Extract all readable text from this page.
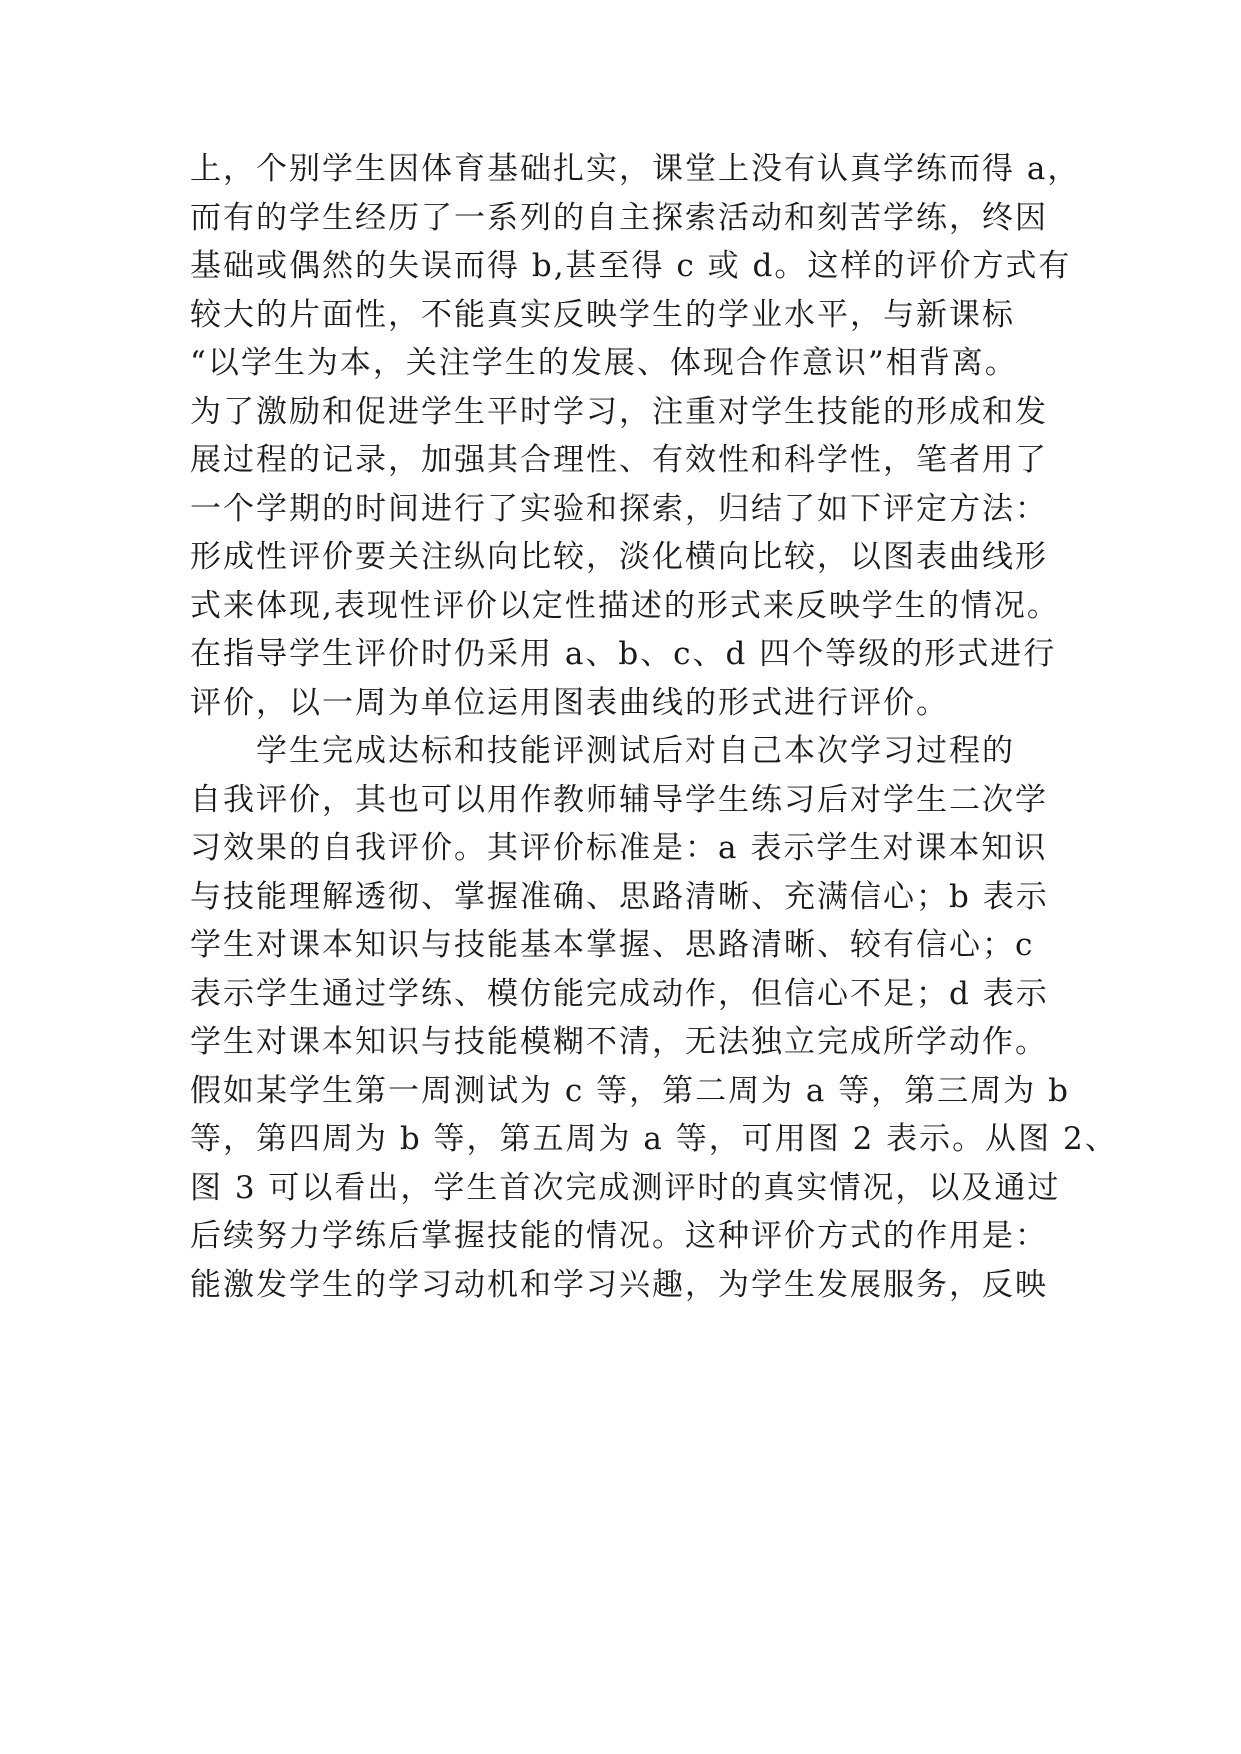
上，个别学生因体育基础扎实，课堂上没有认真学练而得 a，
而有的学生经历了一系列的自主探索活动和刻苦学练，终因
基础或偶然的失误而得 b,甚至得 c 或 d。这样的评价方式有
较大的片面性，不能真实反映学生的学业水平，与新课标
“以学生为本，关注学生的发展、体现合作意识”相背离。
为了激励和促进学生平时学习，注重对学生技能的形成和发
展过程的记录，加强其合理性、有效性和科学性，笔者用了
一个学期的时间进行了实验和探索，归结了如下评定方法：
形成性评价要关注纵向比较，淡化横向比较，以图表曲线形
式来体现,表现性评价以定性描述的形式来反映学生的情况。
在指导学生评价时仍采用 a、b、c、d 四个等级的形式进行
评价，以一周为单位运用图表曲线的形式进行评价。
学生完成达标和技能评测试后对自己本次学习过程的
自我评价，其也可以用作教师辅导学生练习后对学生二次学
习效果的自我评价。其评价标准是：a 表示学生对课本知识
与技能理解透彻、掌握准确、思路清晰、充满信心；b 表示
学生对课本知识与技能基本掌握、思路清晰、较有信心；c
表示学生通过学练、模仿能完成动作，但信心不足；d 表示
学生对课本知识与技能模糊不清，无法独立完成所学动作。
假如某学生第一周测试为 c 等，第二周为 a 等，第三周为 b
等，第四周为 b 等，第五周为 a 等，可用图 2 表示。从图 2、
图 3 可以看出，学生首次完成测评时的真实情况，以及通过
后续努力学练后掌握技能的情况。这种评价方式的作用是：
能激发学生的学习动机和学习兴趣，为学生发展服务，反映
